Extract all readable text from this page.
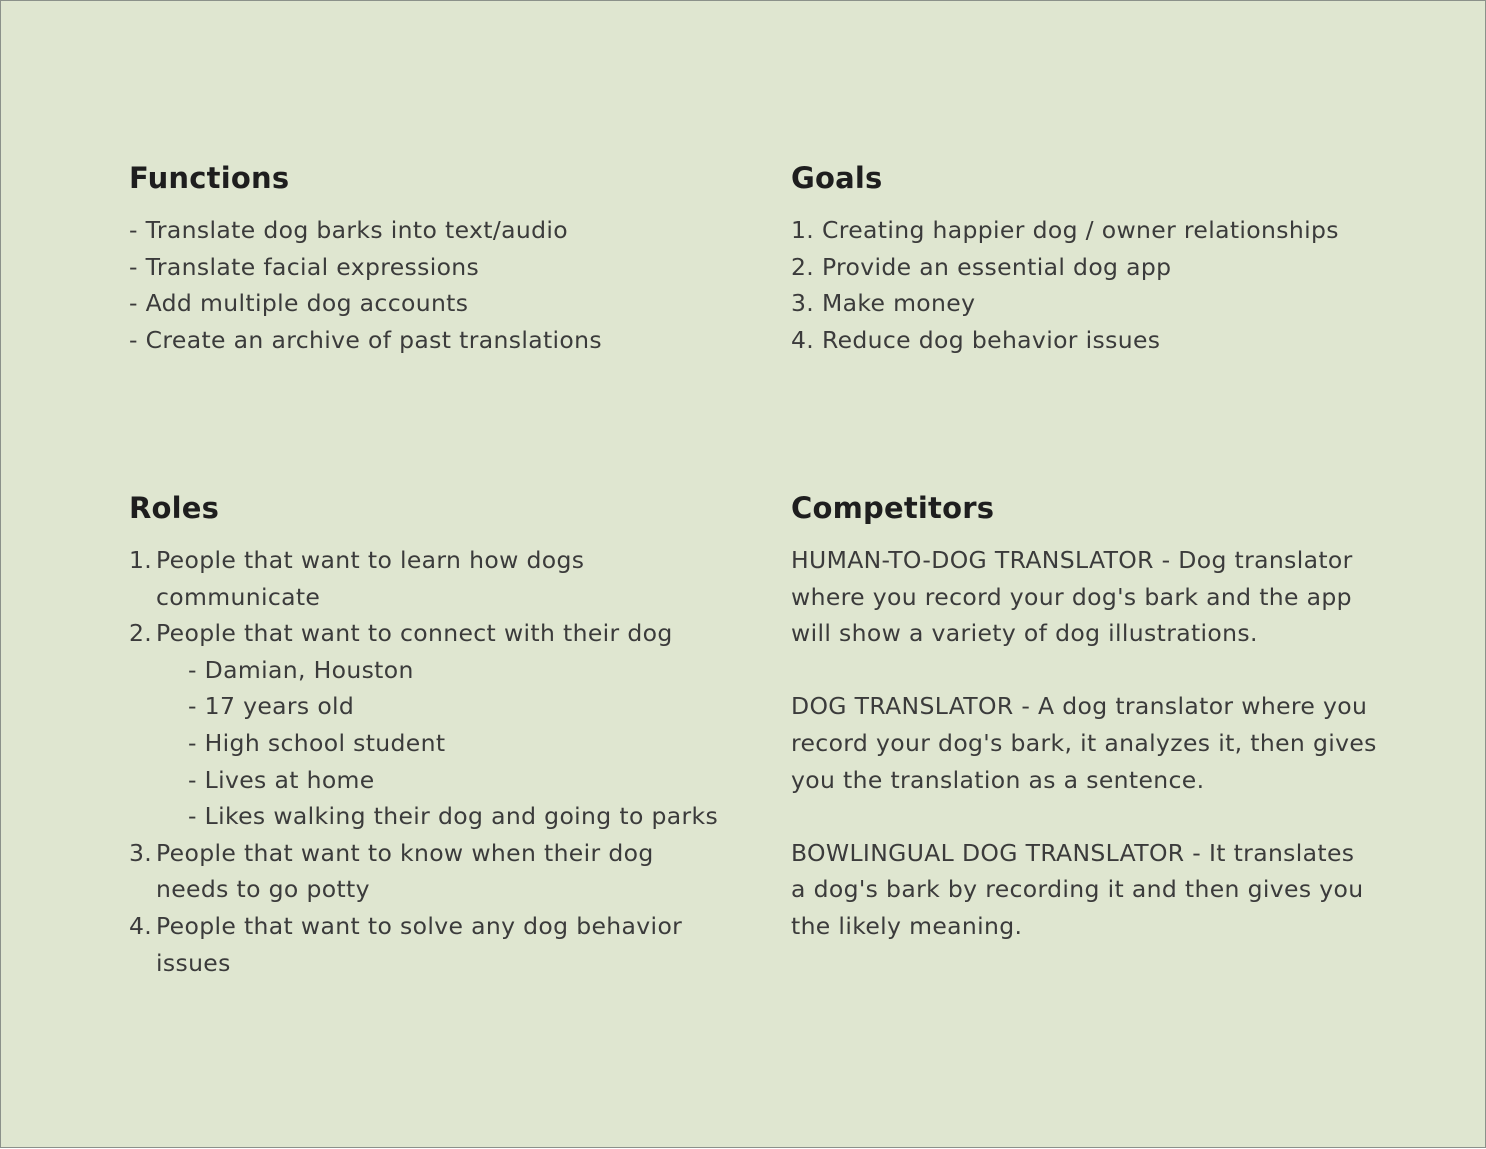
Functions
- Translate dog barks into text/audio
- Translate facial expressions
- Add multiple dog accounts
- Create an archive of past translations
Goals
1. Creating happier dog / owner relationships
2. Provide an essential dog app
3. Make money
4. Reduce dog behavior issues
Roles
1. People that want to learn how dogs
communicate
2. People that want to connect with their dog
- Damian, Houston
- 17 years old
- High school student
- Lives at home
- Likes walking their dog and going to parks
3. People that want to know when their dog
needs to go potty
4. People that want to solve any dog behavior
issues
Competitors

HUMAN-TO-DOG TRANSLATOR - Dog translator
where you record your dog's bark and the app
will show a variety of dog illustrations.

DOG TRANSLATOR - A dog translator where you
record your dog's bark, it analyzes it, then gives
you the translation as a sentence.

BOWLINGUAL DOG TRANSLATOR - It translates
a dog's bark by recording it and then gives you
the likely meaning.
